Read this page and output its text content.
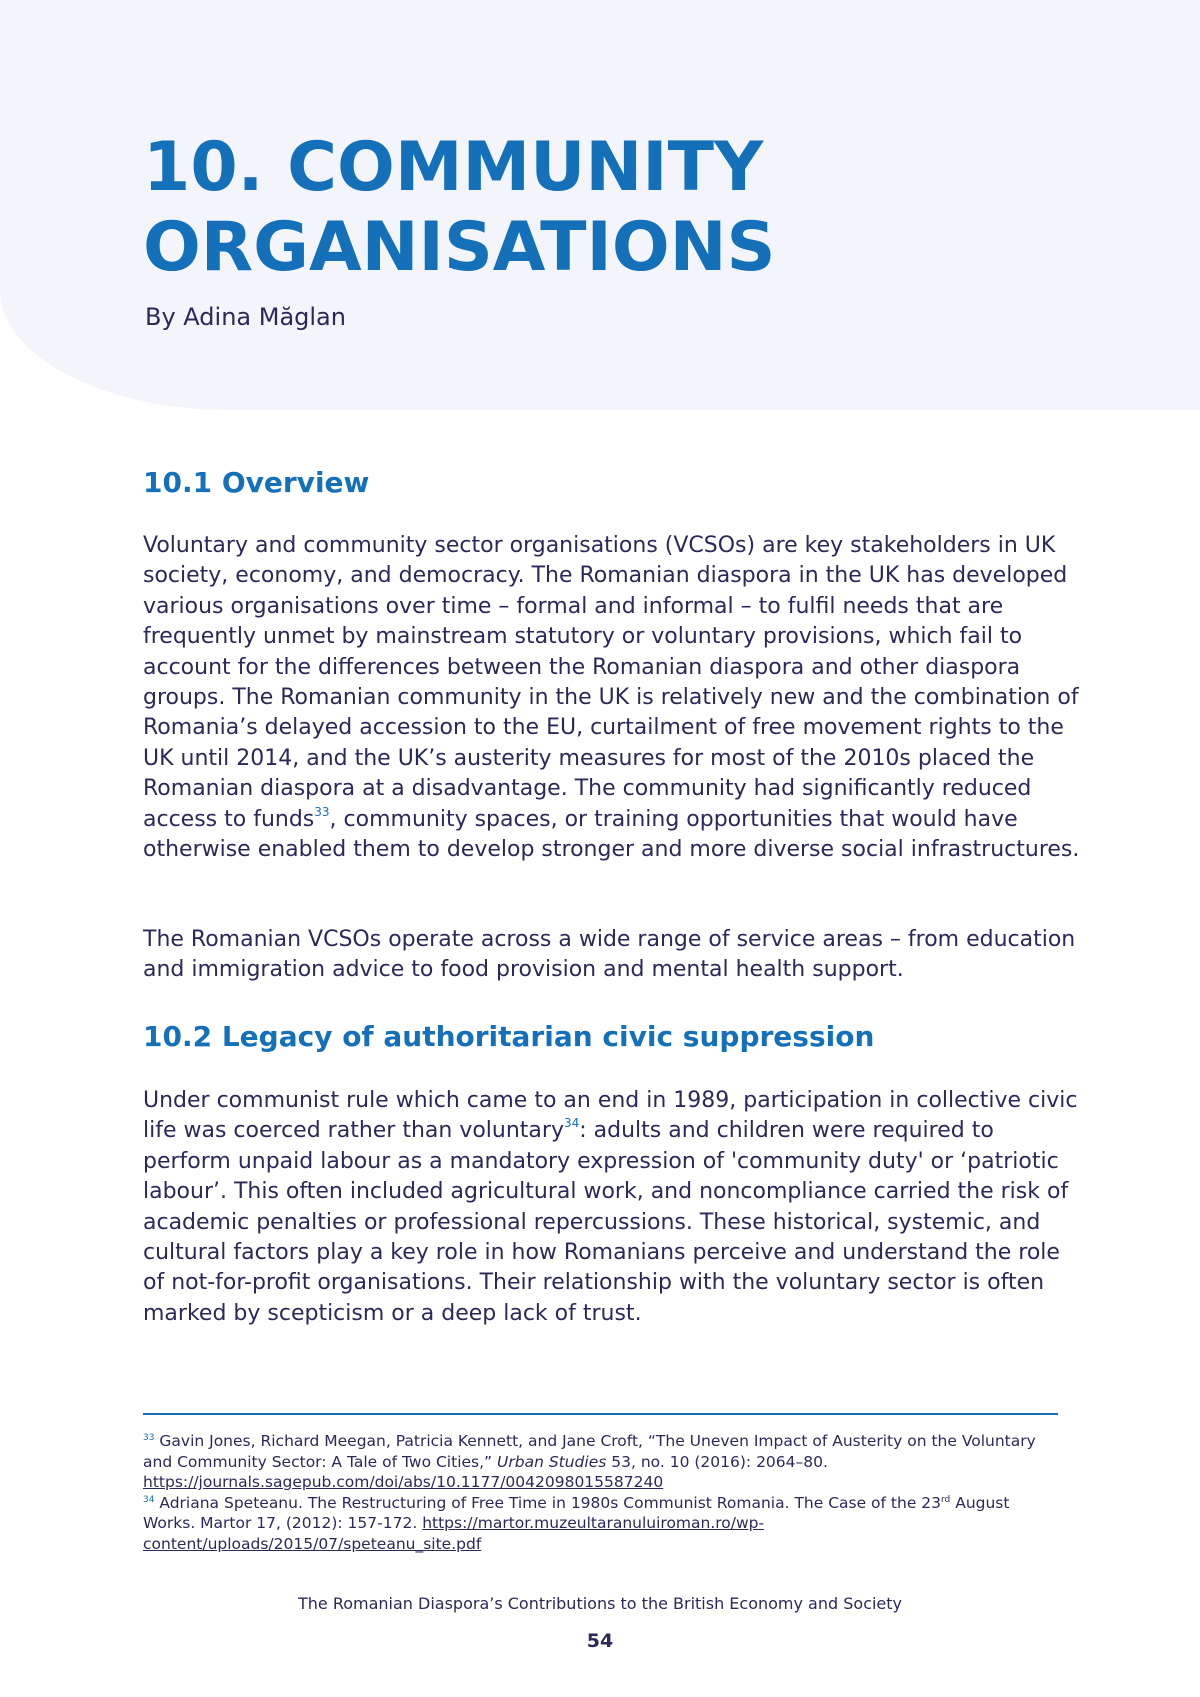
10. COMMUNITY
ORGANISATIONS

By Adina Măglan

10.1 Overview

Voluntary and community sector organisations (VCSOs) are key stakeholders in UK society, economy, and democracy. The Romanian diaspora in the UK has developed various organisations over time – formal and informal – to fulfil needs that are frequently unmet by mainstream statutory or voluntary provisions, which fail to account for the differences between the Romanian diaspora and other diaspora groups. The Romanian community in the UK is relatively new and the combination of Romania’s delayed accession to the EU, curtailment of free movement rights to the UK until 2014, and the UK’s austerity measures for most of the 2010s placed the Romanian diaspora at a disadvantage. The community had significantly reduced access to funds$^{33}$, community spaces, or training opportunities that would have otherwise enabled them to develop stronger and more diverse social infrastructures.

The Romanian VCSOs operate across a wide range of service areas – from education and immigration advice to food provision and mental health support.

10.2 Legacy of authoritarian civic suppression

Under communist rule which came to an end in 1989, participation in collective civic life was coerced rather than voluntary$^{34}$: adults and children were required to perform unpaid labour as a mandatory expression of 'community duty' or ‘patriotic labour’. This often included agricultural work, and noncompliance carried the risk of academic penalties or professional repercussions. These historical, systemic, and cultural factors play a key role in how Romanians perceive and understand the role of not-for-profit organisations. Their relationship with the voluntary sector is often marked by scepticism or a deep lack of trust.

$^{33}$ Gavin Jones, Richard Meegan, Patricia Kennett, and Jane Croft, “The Uneven Impact of Austerity on the Voluntary and Community Sector: A Tale of Two Cities,” Urban Studies 53, no. 10 (2016): 2064–80.
https://journals.sagepub.com/doi/abs/10.1177/0042098015587240

$^{34}$ Adriana Speteanu. The Restructuring of Free Time in 1980s Communist Romania. The Case of the 23rd August Works. Martor 17, (2012): 157-172. https://martor.muzeultaranuluiroman.ro/wp-content/uploads/2015/07/speteanu_site.pdf

The Romanian Diaspora’s Contributions to the British Economy and Society
54
